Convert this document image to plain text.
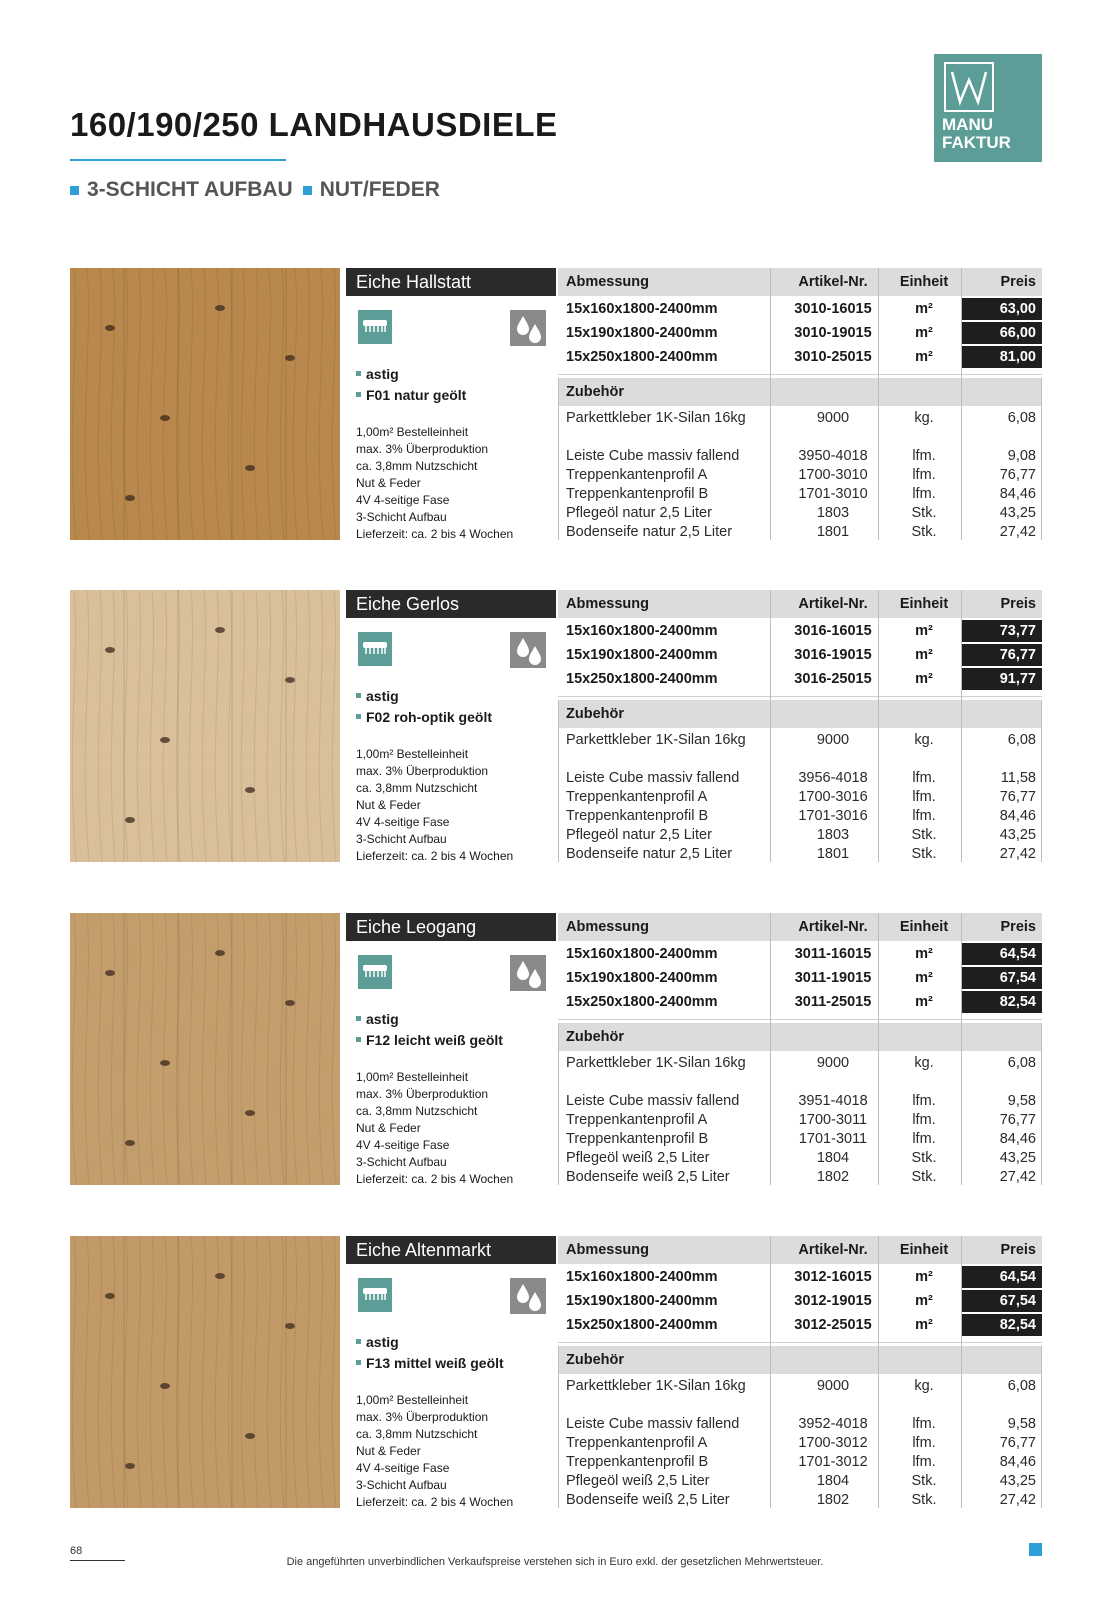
160/190/250 LANDHAUSDIELE
3-SCHICHT AUFBAU NUT/FEDER
MANU
FAKTUR
Eiche Hallstatt
astig
F01 natur geölt
1,00m² Bestelleinheit
max. 3% Überproduktion
ca. 3,8mm Nutzschicht
Nut & Feder
4V 4-seitige Fase
3-Schicht Aufbau
Lieferzeit: ca. 2 bis 4 Wochen
Abmessung	Artikel-Nr.	Einheit	Preis
15x160x1800-2400mm	3010-16015	m²	63,00
15x190x1800-2400mm	3010-19015	m²	66,00
15x250x1800-2400mm	3010-25015	m²	81,00
Zubehör
Parkettkleber 1K-Silan 16kg	9000	kg.	6,08
Leiste Cube massiv fallend	3950-4018	lfm.	9,08
Treppenkantenprofil A	1700-3010	lfm.	76,77
Treppenkantenprofil B	1701-3010	lfm.	84,46
Pflegeöl natur 2,5 Liter	1803	Stk.	43,25
Bodenseife natur 2,5 Liter	1801	Stk.	27,42
Eiche Gerlos
astig
F02 roh-optik geölt
1,00m² Bestelleinheit
max. 3% Überproduktion
ca. 3,8mm Nutzschicht
Nut & Feder
4V 4-seitige Fase
3-Schicht Aufbau
Lieferzeit: ca. 2 bis 4 Wochen
Abmessung	Artikel-Nr.	Einheit	Preis
15x160x1800-2400mm	3016-16015	m²	73,77
15x190x1800-2400mm	3016-19015	m²	76,77
15x250x1800-2400mm	3016-25015	m²	91,77
Zubehör
Parkettkleber 1K-Silan 16kg	9000	kg.	6,08
Leiste Cube massiv fallend	3956-4018	lfm.	11,58
Treppenkantenprofil A	1700-3016	lfm.	76,77
Treppenkantenprofil B	1701-3016	lfm.	84,46
Pflegeöl natur 2,5 Liter	1803	Stk.	43,25
Bodenseife natur 2,5 Liter	1801	Stk.	27,42
Eiche Leogang
astig
F12 leicht weiß geölt
1,00m² Bestelleinheit
max. 3% Überproduktion
ca. 3,8mm Nutzschicht
Nut & Feder
4V 4-seitige Fase
3-Schicht Aufbau
Lieferzeit: ca. 2 bis 4 Wochen
Abmessung	Artikel-Nr.	Einheit	Preis
15x160x1800-2400mm	3011-16015	m²	64,54
15x190x1800-2400mm	3011-19015	m²	67,54
15x250x1800-2400mm	3011-25015	m²	82,54
Zubehör
Parkettkleber 1K-Silan 16kg	9000	kg.	6,08
Leiste Cube massiv fallend	3951-4018	lfm.	9,58
Treppenkantenprofil A	1700-3011	lfm.	76,77
Treppenkantenprofil B	1701-3011	lfm.	84,46
Pflegeöl weiß 2,5 Liter	1804	Stk.	43,25
Bodenseife weiß 2,5 Liter	1802	Stk.	27,42
Eiche Altenmarkt
astig
F13 mittel weiß geölt
1,00m² Bestelleinheit
max. 3% Überproduktion
ca. 3,8mm Nutzschicht
Nut & Feder
4V 4-seitige Fase
3-Schicht Aufbau
Lieferzeit: ca. 2 bis 4 Wochen
Abmessung	Artikel-Nr.	Einheit	Preis
15x160x1800-2400mm	3012-16015	m²	64,54
15x190x1800-2400mm	3012-19015	m²	67,54
15x250x1800-2400mm	3012-25015	m²	82,54
Zubehör
Parkettkleber 1K-Silan 16kg	9000	kg.	6,08
Leiste Cube massiv fallend	3952-4018	lfm.	9,58
Treppenkantenprofil A	1700-3012	lfm.	76,77
Treppenkantenprofil B	1701-3012	lfm.	84,46
Pflegeöl weiß 2,5 Liter	1804	Stk.	43,25
Bodenseife weiß 2,5 Liter	1802	Stk.	27,42
68
Die angeführten unverbindlichen Verkaufspreise verstehen sich in Euro exkl. der gesetzlichen Mehrwertsteuer.
